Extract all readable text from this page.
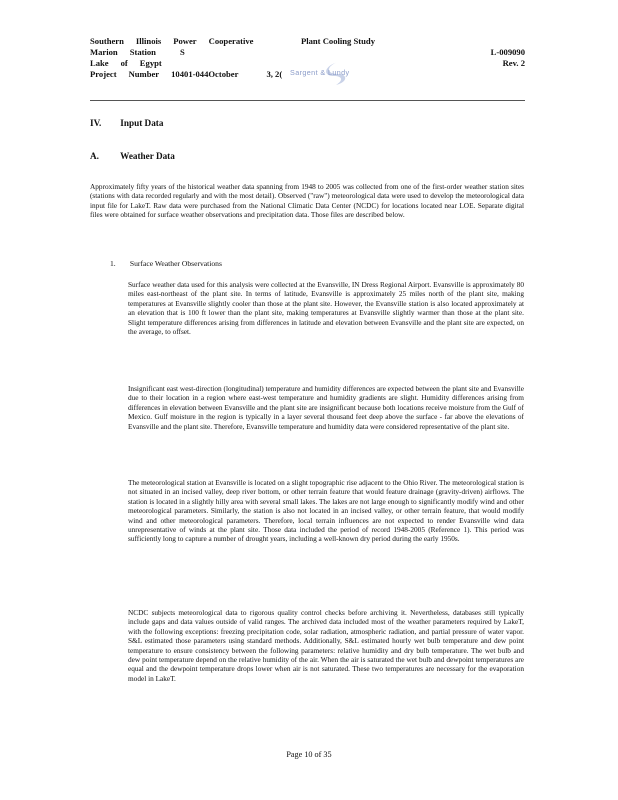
Southern Illinois Power Cooperative	Plant Cooling Study
Marion Station	S	L-009090
Lake of Egypt	Rev. 2
Project Number 10401-044October	3, 2( Sargent & Lundy
IV. Input Data
A. Weather Data

Approximately fifty years of the historical weather data spanning from 1948 to 2005 was collected from one of the first-order weather station sites (stations with data recorded regularly and with the most detail). Observed ("raw") meteorological data were used to develop the meteorological data input file for LakeT. Raw data were purchased from the National Climatic Data Center (NCDC) for locations located near LOE. Separate digital files were obtained for surface weather observations and precipitation data. Those files are described below.

1. Surface Weather Observations

Surface weather data used for this analysis were collected at the Evansville, IN Dress Regional Airport. Evansville is approximately 80 miles east-northeast of the plant site. In terms of latitude, Evansville is approximately 25 miles north of the plant site, making temperatures at Evansville slightly cooler than those at the plant site. However, the Evansville station is also located approximately at an elevation that is 100 ft lower than the plant site, making temperatures at Evansville slightly warmer than those at the plant site. Slight temperature differences arising from differences in latitude and elevation between Evansville and the plant site are expected, on the average, to offset.

Insignificant east west-direction (longitudinal) temperature and humidity differences are expected between the plant site and Evansville due to their location in a region where east-west temperature and humidity gradients are slight. Humidity differences arising from differences in elevation between Evansville and the plant site are insignificant because both locations receive moisture from the Gulf of Mexico. Gulf moisture in the region is typically in a layer several thousand feet deep above the surface - far above the elevations of Evansville and the plant site. Therefore, Evansville temperature and humidity data were considered representative of the plant site.

The meteorological station at Evansville is located on a slight topographic rise adjacent to the Ohio River. The meteorological station is not situated in an incised valley, deep river bottom, or other terrain feature that would feature drainage (gravity-driven) airflows. The station is located in a slightly hilly area with several small lakes. The lakes are not large enough to significantly modify wind and other meteorological parameters. Similarly, the station is also not located in an incised valley, or other terrain feature, that would modify wind and other meteorological parameters. Therefore, local terrain influences are not expected to render Evansville wind data unrepresentative of winds at the plant site. Those data included the period of record 1948-2005 (Reference 1). This period was sufficiently long to capture a number of drought years, including a well-known dry period during the early 1950s.

NCDC subjects meteorological data to rigorous quality control checks before archiving it. Nevertheless, databases still typically include gaps and data values outside of valid ranges. The archived data included most of the weather parameters required by LakeT, with the following exceptions: freezing precipitation code, solar radiation, atmospheric radiation, and partial pressure of water vapor. S&L estimated those parameters using standard methods. Additionally, S&L estimated hourly wet bulb temperature and dew point temperature to ensure consistency between the following parameters: relative humidity and dry bulb temperature. The wet bulb and dew point temperature depend on the relative humidity of the air. When the air is saturated the wet bulb and dewpoint temperatures are equal and the dewpoint temperature drops lower when air is not saturated. These two temperatures are necessary for the evaporation model in LakeT.

Page 10 of 35
